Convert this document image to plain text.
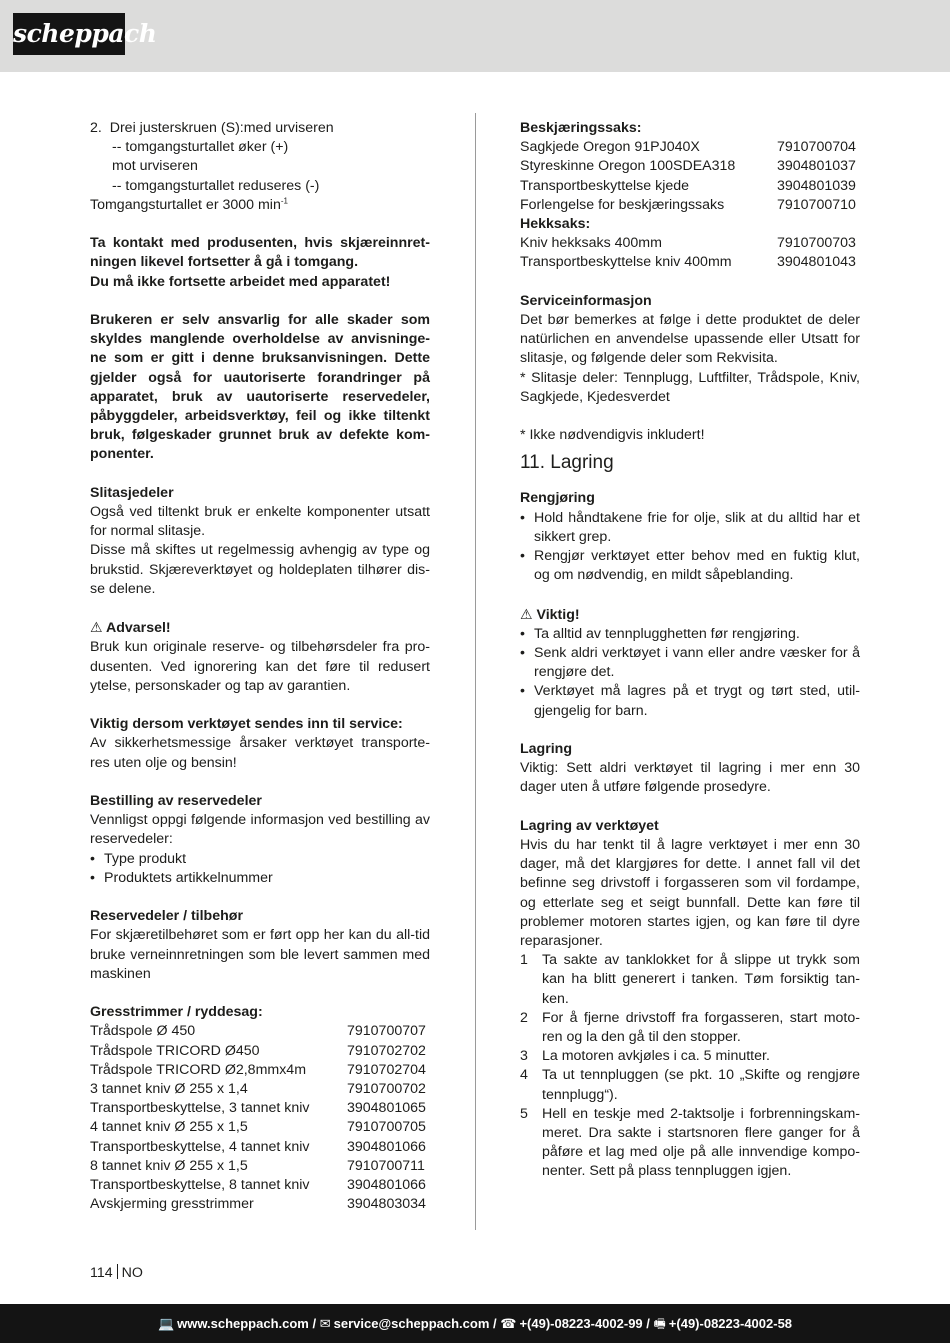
scheppach
2.  Drei justerskruen (S):med urviseren
-- tomgangsturtallet øker (+)
mot urviseren
-- tomgangsturtallet reduseres (-)
Tomgangsturtallet er 3000 $\min^{-1}$
Ta kontakt med produsenten, hvis skjæreinnret-ningen likevel fortsetter å gå i tomgang.
Du må ikke fortsette arbeidet med apparatet!
Brukeren er selv ansvarlig for alle skader som skyldes manglende overholdelse av anvisninge-ne som er gitt i denne bruksanvisningen. Dette gjelder også for uautoriserte forandringer på apparatet, bruk av uautoriserte reservedeler, påbyggdeler, arbeidsverktøy, feil og ikke tiltenkt bruk, følgeskader grunnet bruk av defekte kom-ponenter.
Slitasjedeler
Også ved tiltenkt bruk er enkelte komponenter utsatt for normal slitasje.
Disse må skiftes ut regelmessig avhengig av type og brukstid. Skjæreverktøyet og holdeplaten tilhører dis-se delene.
⚠ Advarsel!
Bruk kun originale reserve- og tilbehørsdeler fra pro-dusenten. Ved ignorering kan det føre til redusert ytelse, personskader og tap av garantien.
Viktig dersom verktøyet sendes inn til service:
Av sikkerhetsmessige årsaker verktøyet transporte-res uten olje og bensin!
Bestilling av reservedeler
Vennligst oppgi følgende informasjon ved bestilling av reservedeler:
• Type produkt
• Produktets artikkelnummer
Reservedeler / tilbehør
For skjæretilbehøret som er ført opp her kan du all-tid bruke verneinnretningen som ble levert sammen med maskinen
Gresstrimmer / ryddesag:
Trådspole Ø 450	7910700707
Trådspole TRICORD Ø450	7910702702
Trådspole TRICORD Ø2,8mmx4m	7910702704
3 tannet kniv Ø 255 x 1,4	7910700702
Transportbeskyttelse, 3 tannet kniv	3904801065
4 tannet kniv Ø 255 x 1,5	7910700705
Transportbeskyttelse, 4 tannet kniv	3904801066
8 tannet kniv Ø 255 x 1,5	7910700711
Transportbeskyttelse, 8 tannet kniv	3904801066
Avskjerming gresstrimmer	3904803034
Beskjæringssaks:
Sagkjede Oregon 91PJ040X	7910700704
Styreskinne Oregon 100SDEA318	3904801037
Transportbeskyttelse kjede	3904801039
Forlengelse for beskjæringssaks	7910700710
Hekksaks:
Kniv hekksaks 400mm	7910700703
Transportbeskyttelse kniv 400mm	3904801043
Serviceinformasjon
Det bør bemerkes at følge i dette produktet de deler natürlichen en anvendelse upassende eller Utsatt for slitasje, og følgende deler som Rekvisita.
* Slitasje deler: Tennplugg, Luftfilter, Trådspole, Kniv, Sagkjede, Kjedesverdet
* Ikke nødvendigvis inkludert!
11. Lagring
Rengjøring
• Hold håndtakene frie for olje, slik at du alltid har et sikkert grep.
• Rengjør verktøyet etter behov med en fuktig klut, og om nødvendig, en mildt såpeblanding.
⚠ Viktig!
• Ta alltid av tennplugghetten før rengjøring.
• Senk aldri verktøyet i vann eller andre væsker for å rengjøre det.
• Verktøyet må lagres på et trygt og tørt sted, util-gjengelig for barn.
Lagring
Viktig: Sett aldri verktøyet til lagring i mer enn 30 dager uten å utføre følgende prosedyre.
Lagring av verktøyet
Hvis du har tenkt til å lagre verktøyet i mer enn 30 dager, må det klargjøres for dette. I annet fall vil det befinne seg drivstoff i forgasseren som vil fordampe, og etterlate seg et seigt bunnfall. Dette kan føre til problemer motoren startes igjen, og kan føre til dyre reparasjoner.
1 Ta sakte av tanklokket for å slippe ut trykk som kan ha blitt generert i tanken. Tøm forsiktig tan-ken.
2 For å fjerne drivstoff fra forgasseren, start moto-ren og la den gå til den stopper.
3 La motoren avkjøles i ca. 5 minutter.
4 Ta ut tennpluggen (se pkt. 10 „Skifte og rengjøre tennplugg“).
5 Hell en teskje med 2-taktsolje i forbrenningskam-meret. Dra sakte i startsnoren flere ganger for å påføre et lag med olje på alle innvendige kompo-nenter. Sett på plass tennpluggen igjen.
114 NO
💻 www.scheppach.com / ✉ service@scheppach.com / ☎ +(49)-08223-4002-99 / 🖷 +(49)-08223-4002-58
